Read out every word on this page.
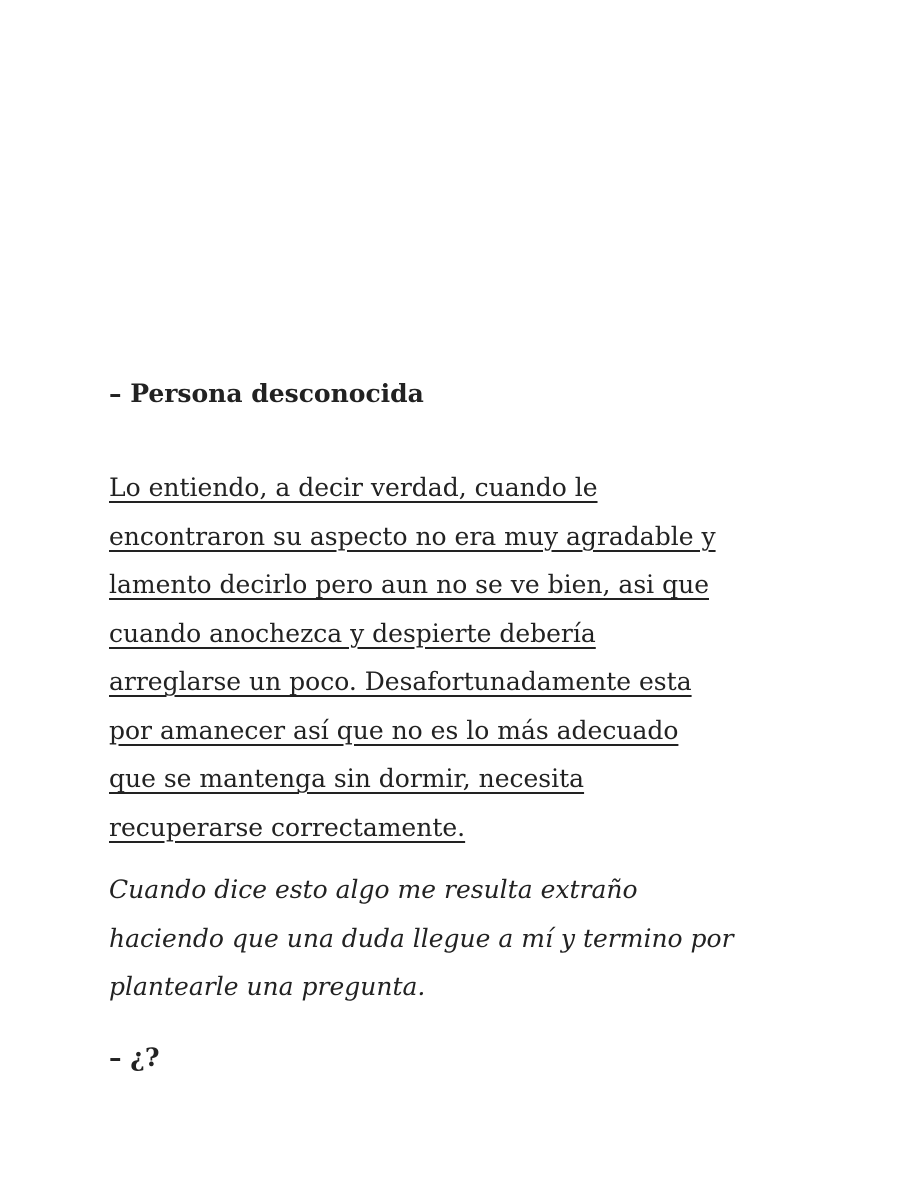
– Persona desconocida
Lo entiendo, a decir verdad, cuando le
encontraron su aspecto no era muy agradable y
lamento decirlo pero aun no se ve bien, asi que
cuando anochezca y despierte debería
arreglarse un poco. Desafortunadamente esta
por amanecer así que no es lo más adecuado
que se mantenga sin dormir, necesita
recuperarse correctamente.
Cuando dice esto algo me resulta extraño
haciendo que una duda llegue a mí y termino por
plantearle una pregunta.
– ¿?
